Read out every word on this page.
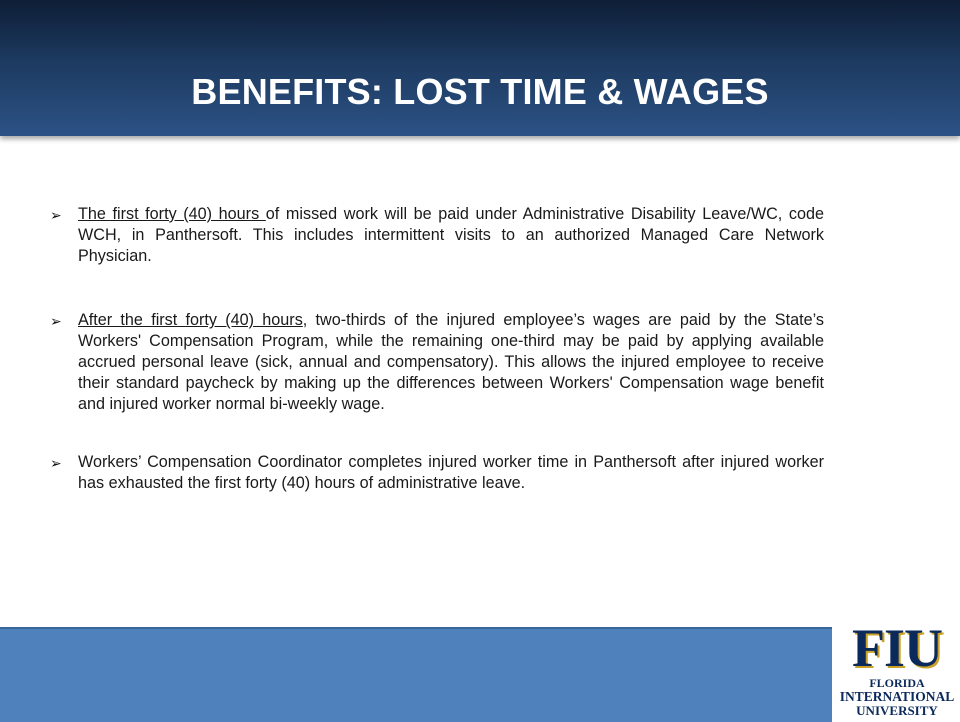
BENEFITS: LOST TIME & WAGES
➢ The first forty (40) hours of missed work will be paid under Administrative Disability Leave/WC, code WCH, in Panthersoft. This includes intermittent visits to an authorized Managed Care Network Physician.
➢ After the first forty (40) hours, two-thirds of the injured employee’s wages are paid by the State’s Workers' Compensation Program, while the remaining one-third may be paid by applying available accrued personal leave (sick, annual and compensatory). This allows the injured employee to receive their standard paycheck by making up the differences between Workers' Compensation wage benefit and injured worker normal bi-weekly wage.
➢ Workers’ Compensation Coordinator completes injured worker time in Panthersoft after injured worker has exhausted the first forty (40) hours of administrative leave.
FIU
FLORIDA
INTERNATIONAL
UNIVERSITY
